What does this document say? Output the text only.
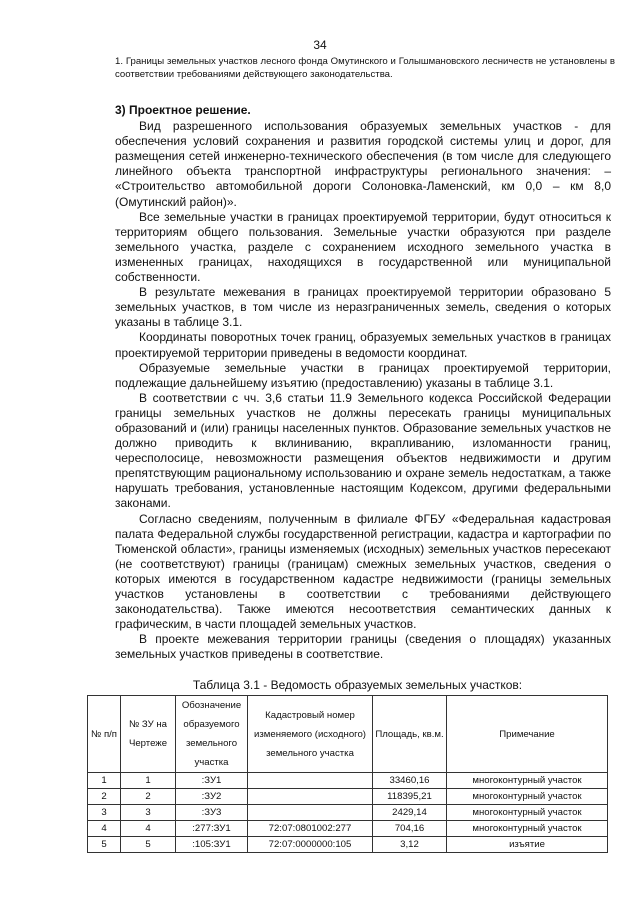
34
1. Границы земельных участков лесного фонда Омутинского и Голышмановского лесничеств не установлены в соответствии требованиями действующего законодательства.
3) Проектное решение.

Вид разрешенного использования образуемых земельных участков - для обеспечения условий сохранения и развития городской системы улиц и дорог, для размещения сетей инженерно-технического обеспечения (в том числе для следующего линейного объекта транспортной инфраструктуры регионального значения: – «Строительство автомобильной дороги Солоновка-Ламенский, км 0,0 – км 8,0 (Омутинский район)».

Все земельные участки в границах проектируемой территории, будут относиться к территориям общего пользования. Земельные участки образуются при разделе земельного участка, разделе с сохранением исходного земельного участка в измененных границах, находящихся в государственной или муниципальной собственности.

В результате межевания в границах проектируемой территории образовано 5 земельных участков, в том числе из неразграниченных земель, сведения о которых указаны в таблице 3.1.

Координаты поворотных точек границ, образуемых земельных участков в границах проектируемой территории приведены в ведомости координат.

Образуемые земельные участки в границах проектируемой территории, подлежащие дальнейшему изъятию (предоставлению) указаны в таблице 3.1.

В соответствии с чч. 3,6 статьи 11.9 Земельного кодекса Российской Федерации границы земельных участков не должны пересекать границы муниципальных образований и (или) границы населенных пунктов. Образование земельных участков не должно приводить к вклиниванию, вкрапливанию, изломанности границ, чересполосице, невозможности размещения объектов недвижимости и другим препятствующим рациональному использованию и охране земель недостаткам, а также нарушать требования, установленные настоящим Кодексом, другими федеральными законами.

Согласно сведениям, полученным в филиале ФГБУ «Федеральная кадастровая палата Федеральной службы государственной регистрации, кадастра и картографии по Тюменской области», границы изменяемых (исходных) земельных участков пересекают (не соответствуют) границы (границам) смежных земельных участков, сведения о которых имеются в государственном кадастре недвижимости (границы земельных участков установлены в соответствии с требованиями действующего законодательства). Также имеются несоответствия семантических данных к графическим, в части площадей земельных участков.

В проекте межевания территории границы (сведения о площадях) указанных земельных участков приведены в соответствие.

Таблица 3.1 - Ведомость образуемых земельных участков:
№ п/п	№ ЗУ на Чертеже	Обозначение образуемого земельного участка	Кадастровый номер изменяемого (исходного) земельного участка	Площадь, кв.м.	Примечание
1	1	:ЗУ1		33460,16	многоконтурный участок
2	2	:ЗУ2		118395,21	многоконтурный участок
3	3	:ЗУ3		2429,14	многоконтурный участок
4	4	:277:ЗУ1	72:07:0801002:277	704,16	многоконтурный участок
5	5	:105:ЗУ1	72:07:0000000:105	3,12	изъятие
